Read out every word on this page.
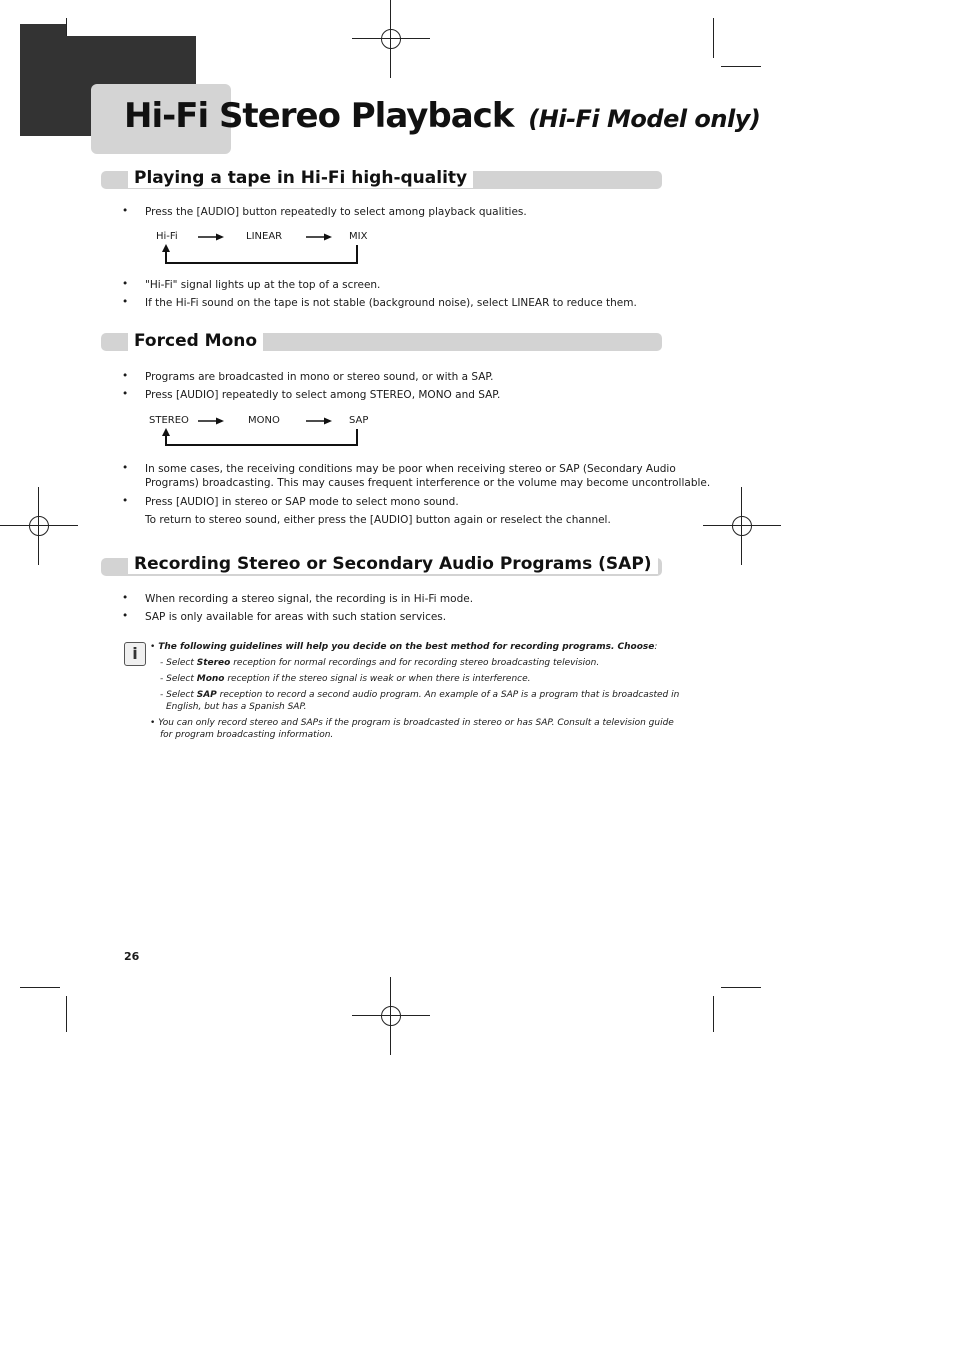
Hi-Fi Stereo Playback (Hi-Fi Model only)
Playing a tape in Hi-Fi high-quality
• Press the [AUDIO] button repeatedly to select among playback qualities.
Hi-Fi	LINEAR	MIX
• "Hi-Fi" signal lights up at the top of a screen.
• If the Hi-Fi sound on the tape is not stable (background noise), select LINEAR to reduce them.
Forced Mono
• Programs are broadcasted in mono or stereo sound, or with a SAP.
• Press [AUDIO] repeatedly to select among STEREO, MONO and SAP.
STEREO	MONO	SAP
• In some cases, the receiving conditions may be poor when receiving stereo or SAP (Secondary Audio
Programs) broadcasting. This may causes frequent interference or the volume may become uncontrollable.
• Press [AUDIO] in stereo or SAP mode to select mono sound.
To return to stereo sound, either press the [AUDIO] button again or reselect the channel.
Recording Stereo or Secondary Audio Programs (SAP)
• When recording a stereo signal, the recording is in Hi-Fi mode.
• SAP is only available for areas with such station services.
i	• The following guidelines will help you decide on the best method for recording programs. Choose:
- Select Stereo reception for normal recordings and for recording stereo broadcasting television.
- Select Mono reception if the stereo signal is weak or when there is interference.
- Select SAP reception to record a second audio program. An example of a SAP is a program that is broadcasted in
English, but has a Spanish SAP.
• You can only record stereo and SAPs if the program is broadcasted in stereo or has SAP. Consult a television guide
for program broadcasting information.
26
